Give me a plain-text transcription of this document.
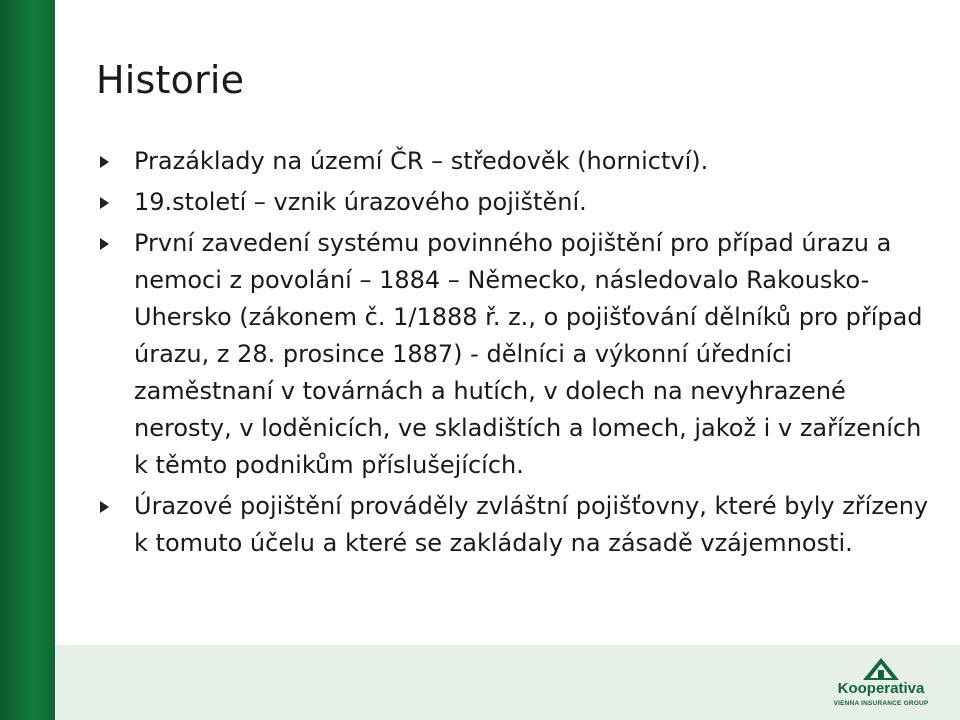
Historie
Prazáklady na území ČR – středověk (hornictví).
19.století – vznik úrazového pojištění.
První zavedení systému povinného pojištění pro případ úrazu a nemoci z povolání – 1884 – Německo, následovalo Rakousko-Uhersko (zákonem č. 1/1888 ř. z., o pojišťování dělníků pro případ úrazu, z 28. prosince 1887) - dělníci a výkonní úředníci zaměstnaní v továrnách a hutích, v dolech na nevyhrazené nerosty, v loděnicích, ve skladištích a lomech, jakož i v zařízeních k těmto podnikům příslušejících.
Úrazové pojištění prováděly zvláštní pojišťovny, které byly zřízeny k tomuto účelu a které se zakládaly na zásadě vzájemnosti.
Kooperativa
VIENNA INSURANCE GROUP
